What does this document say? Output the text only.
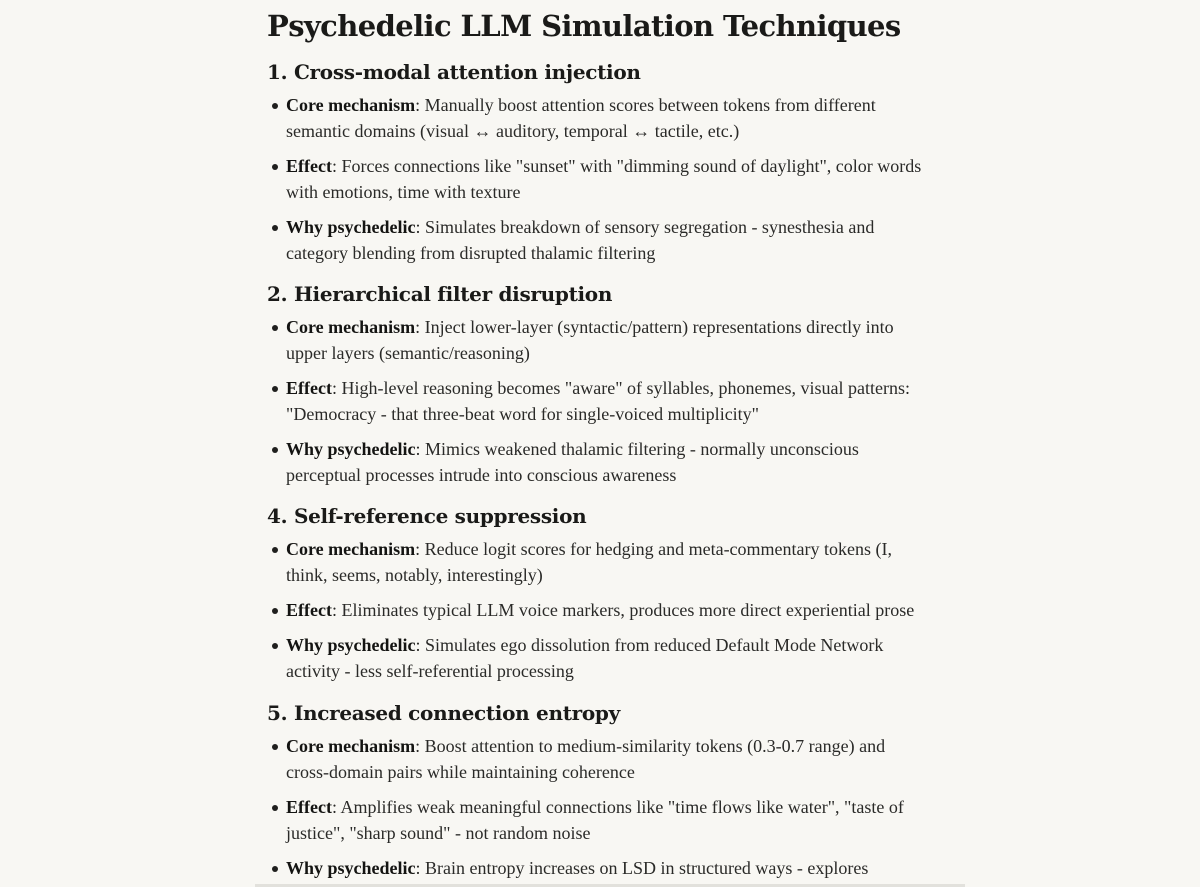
Psychedelic LLM Simulation Techniques
1. Cross-modal attention injection
Core mechanism: Manually boost attention scores between tokens from different semantic domains (visual ↔ auditory, temporal ↔ tactile, etc.)
Effect: Forces connections like "sunset" with "dimming sound of daylight", color words with emotions, time with texture
Why psychedelic: Simulates breakdown of sensory segregation - synesthesia and category blending from disrupted thalamic filtering
2. Hierarchical filter disruption
Core mechanism: Inject lower-layer (syntactic/pattern) representations directly into upper layers (semantic/reasoning)
Effect: High-level reasoning becomes "aware" of syllables, phonemes, visual patterns: "Democracy - that three-beat word for single-voiced multiplicity"
Why psychedelic: Mimics weakened thalamic filtering - normally unconscious perceptual processes intrude into conscious awareness
4. Self-reference suppression
Core mechanism: Reduce logit scores for hedging and meta-commentary tokens (I, think, seems, notably, interestingly)
Effect: Eliminates typical LLM voice markers, produces more direct experiential prose
Why psychedelic: Simulates ego dissolution from reduced Default Mode Network activity - less self-referential processing
5. Increased connection entropy
Core mechanism: Boost attention to medium-similarity tokens (0.3-0.7 range) and cross-domain pairs while maintaining coherence
Effect: Amplifies weak meaningful connections like "time flows like water", "taste of justice", "sharp sound" - not random noise
Why psychedelic: Brain entropy increases on LSD in structured ways - explores
